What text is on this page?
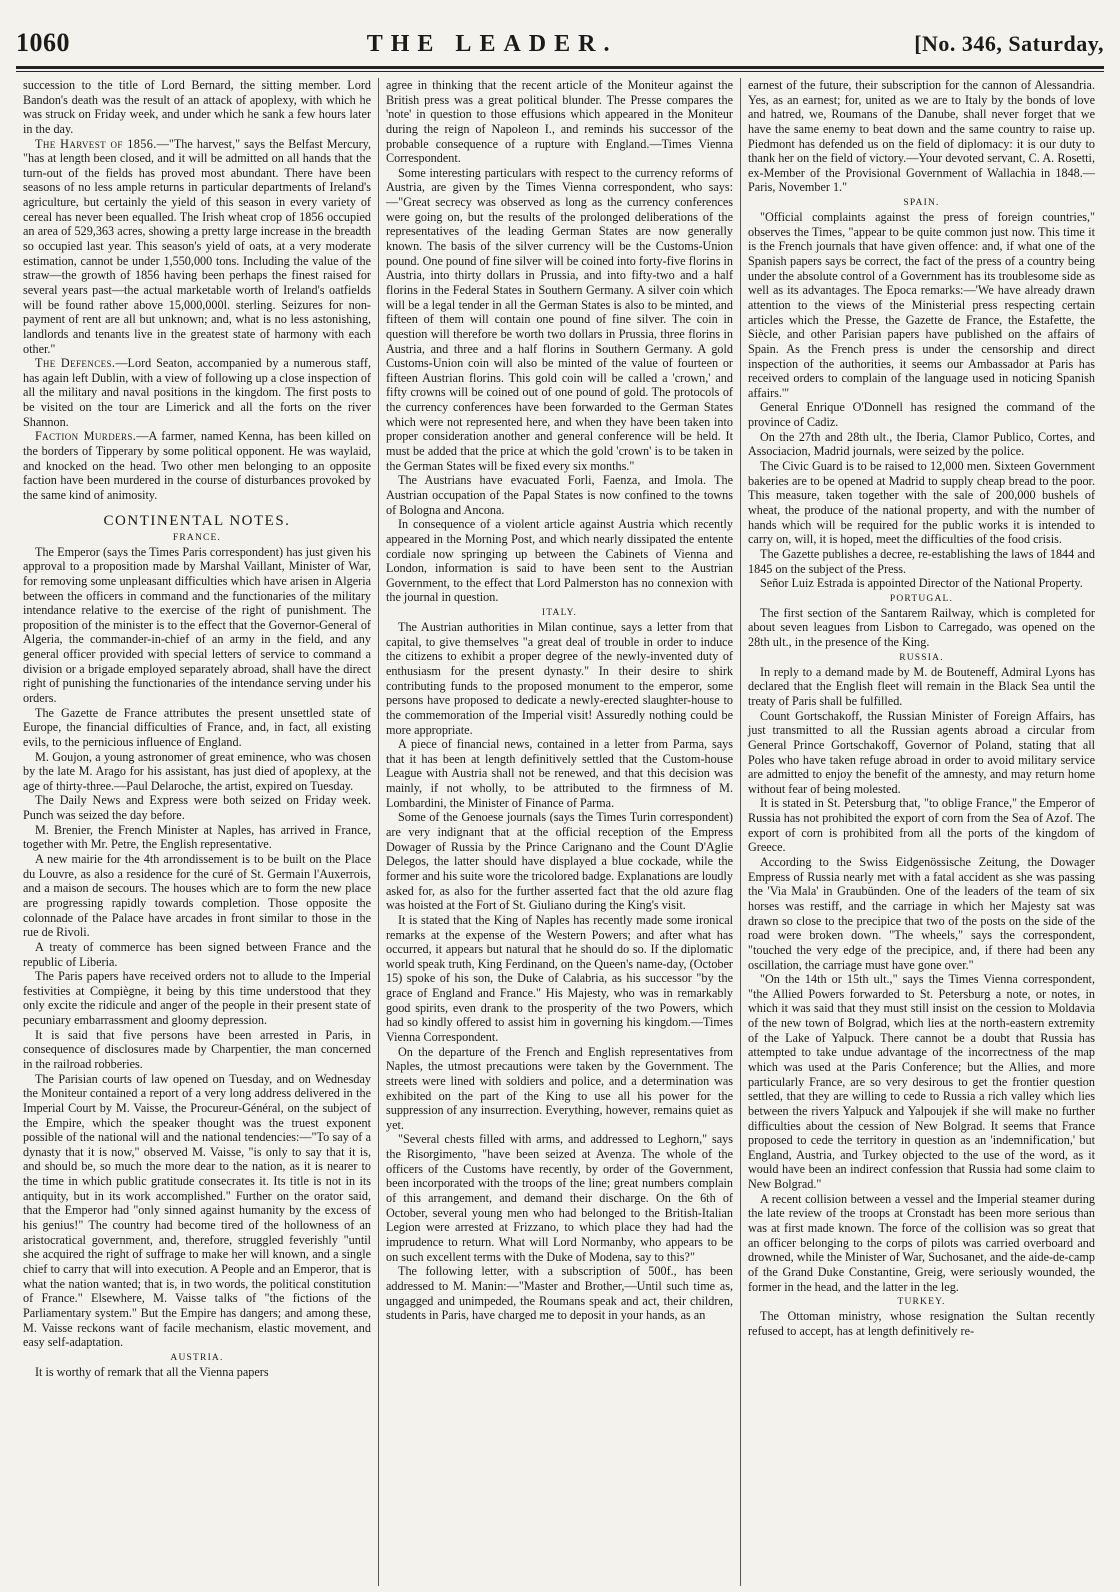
1060	THE LEADER.	[No. 346, Saturday,

succession to the title of Lord Bernard, the sitting member. Lord Bandon's death was the result of an attack of apoplexy, with which he was struck on Friday week, and under which he sank a few hours later in the day.

The Harvest of 1856.—"The harvest," says the Belfast Mercury, "has at length been closed, and it will be admitted on all hands that the turn-out of the fields has proved most abundant. There have been seasons of no less ample returns in particular departments of Ireland's agriculture, but certainly the yield of this season in every variety of cereal has never been equalled. The Irish wheat crop of 1856 occupied an area of 529,363 acres, showing a pretty large increase in the breadth so occupied last year. This season's yield of oats, at a very moderate estimation, cannot be under 1,550,000 tons. Including the value of the straw—the growth of 1856 having been perhaps the finest raised for several years past—the actual marketable worth of Ireland's oatfields will be found rather above 15,000,000l. sterling. Seizures for non-payment of rent are all but unknown; and, what is no less astonishing, landlords and tenants live in the greatest state of harmony with each other."

The Defences.—Lord Seaton, accompanied by a numerous staff, has again left Dublin, with a view of following up a close inspection of all the military and naval positions in the kingdom. The first posts to be visited on the tour are Limerick and all the forts on the river Shannon.

Faction Murders.—A farmer, named Kenna, has been killed on the borders of Tipperary by some political opponent. He was waylaid, and knocked on the head. Two other men belonging to an opposite faction have been murdered in the course of disturbances provoked by the same kind of animosity.

CONTINENTAL NOTES.
FRANCE.

The Emperor (says the Times Paris correspondent) has just given his approval to a proposition made by Marshal Vaillant, Minister of War, for removing some unpleasant difficulties which have arisen in Algeria between the officers in command and the functionaries of the military intendance relative to the exercise of the right of punishment. The proposition of the minister is to the effect that the Governor-General of Algeria, the commander-in-chief of an army in the field, and any general officer provided with special letters of service to command a division or a brigade employed separately abroad, shall have the direct right of punishing the functionaries of the intendance serving under his orders.

The Gazette de France attributes the present unsettled state of Europe, the financial difficulties of France, and, in fact, all existing evils, to the pernicious influence of England.

M. Goujon, a young astronomer of great eminence, who was chosen by the late M. Arago for his assistant, has just died of apoplexy, at the age of thirty-three.—Paul Delaroche, the artist, expired on Tuesday.

The Daily News and Express were both seized on Friday week. Punch was seized the day before.

M. Brenier, the French Minister at Naples, has arrived in France, together with Mr. Petre, the English representative.

A new mairie for the 4th arrondissement is to be built on the Place du Louvre, as also a residence for the curé of St. Germain l'Auxerrois, and a maison de secours. The houses which are to form the new place are progressing rapidly towards completion. Those opposite the colonnade of the Palace have arcades in front similar to those in the rue de Rivoli.

A treaty of commerce has been signed between France and the republic of Liberia.

The Paris papers have received orders not to allude to the Imperial festivities at Compiègne, it being by this time understood that they only excite the ridicule and anger of the people in their present state of pecuniary embarrassment and gloomy depression.

It is said that five persons have been arrested in Paris, in consequence of disclosures made by Charpentier, the man concerned in the railroad robberies.

The Parisian courts of law opened on Tuesday, and on Wednesday the Moniteur contained a report of a very long address delivered in the Imperial Court by M. Vaisse, the Procureur-Général, on the subject of the Empire, which the speaker thought was the truest exponent possible of the national will and the national tendencies:—"To say of a dynasty that it is now," observed M. Vaisse, "is only to say that it is, and should be, so much the more dear to the nation, as it is nearer to the time in which public gratitude consecrates it. Its title is not in its antiquity, but in its work accomplished." Further on the orator said, that the Emperor had "only sinned against humanity by the excess of his genius!" The country had become tired of the hollowness of an aristocratical government, and, therefore, struggled feverishly "until she acquired the right of suffrage to make her will known, and a single chief to carry that will into execution. A People and an Emperor, that is what the nation wanted; that is, in two words, the political constitution of France." Elsewhere, M. Vaisse talks of "the fictions of the Parliamentary system." But the Empire has dangers; and among these, M. Vaisse reckons want of facile mechanism, elastic movement, and easy self-adaptation.

AUSTRIA.

It is worthy of remark that all the Vienna papers

agree in thinking that the recent article of the Moniteur against the British press was a great political blunder. The Presse compares the 'note' in question to those effusions which appeared in the Moniteur during the reign of Napoleon I., and reminds his successor of the probable consequence of a rupture with England.—Times Vienna Correspondent.

Some interesting particulars with respect to the currency reforms of Austria, are given by the Times Vienna correspondent, who says:—"Great secrecy was observed as long as the currency conferences were going on, but the results of the prolonged deliberations of the representatives of the leading German States are now generally known. The basis of the silver currency will be the Customs-Union pound. One pound of fine silver will be coined into forty-five florins in Austria, into thirty dollars in Prussia, and into fifty-two and a half florins in the Federal States in Southern Germany. A silver coin which will be a legal tender in all the German States is also to be minted, and fifteen of them will contain one pound of fine silver. The coin in question will therefore be worth two dollars in Prussia, three florins in Austria, and three and a half florins in Southern Germany. A gold Customs-Union coin will also be minted of the value of fourteen or fifteen Austrian florins. This gold coin will be called a 'crown,' and fifty crowns will be coined out of one pound of gold. The protocols of the currency conferences have been forwarded to the German States which were not represented here, and when they have been taken into proper consideration another and general conference will be held. It must be added that the price at which the gold 'crown' is to be taken in the German States will be fixed every six months."

The Austrians have evacuated Forli, Faenza, and Imola. The Austrian occupation of the Papal States is now confined to the towns of Bologna and Ancona.

In consequence of a violent article against Austria which recently appeared in the Morning Post, and which nearly dissipated the entente cordiale now springing up between the Cabinets of Vienna and London, information is said to have been sent to the Austrian Government, to the effect that Lord Palmerston has no connexion with the journal in question.

ITALY.

The Austrian authorities in Milan continue, says a letter from that capital, to give themselves "a great deal of trouble in order to induce the citizens to exhibit a proper degree of the newly-invented duty of enthusiasm for the present dynasty." In their desire to shirk contributing funds to the proposed monument to the emperor, some persons have proposed to dedicate a newly-erected slaughter-house to the commemoration of the Imperial visit! Assuredly nothing could be more appropriate.

A piece of financial news, contained in a letter from Parma, says that it has been at length definitively settled that the Custom-house League with Austria shall not be renewed, and that this decision was mainly, if not wholly, to be attributed to the firmness of M. Lombardini, the Minister of Finance of Parma.

Some of the Genoese journals (says the Times Turin correspondent) are very indignant that at the official reception of the Empress Dowager of Russia by the Prince Carignano and the Count D'Aglie Delegos, the latter should have displayed a blue cockade, while the former and his suite wore the tricolored badge. Explanations are loudly asked for, as also for the further asserted fact that the old azure flag was hoisted at the Fort of St. Giuliano during the King's visit.

It is stated that the King of Naples has recently made some ironical remarks at the expense of the Western Powers; and after what has occurred, it appears but natural that he should do so. If the diplomatic world speak truth, King Ferdinand, on the Queen's name-day, (October 15) spoke of his son, the Duke of Calabria, as his successor "by the grace of England and France." His Majesty, who was in remarkably good spirits, even drank to the prosperity of the two Powers, which had so kindly offered to assist him in governing his kingdom.—Times Vienna Correspondent.

On the departure of the French and English representatives from Naples, the utmost precautions were taken by the Government. The streets were lined with soldiers and police, and a determination was exhibited on the part of the King to use all his power for the suppression of any insurrection. Everything, however, remains quiet as yet.

"Several chests filled with arms, and addressed to Leghorn," says the Risorgimento, "have been seized at Avenza. The whole of the officers of the Customs have recently, by order of the Government, been incorporated with the troops of the line; great numbers complain of this arrangement, and demand their discharge. On the 6th of October, several young men who had belonged to the British-Italian Legion were arrested at Frizzano, to which place they had had the imprudence to return. What will Lord Normanby, who appears to be on such excellent terms with the Duke of Modena, say to this?"

The following letter, with a subscription of 500f., has been addressed to M. Manin:—"Master and Brother,—Until such time as, ungagged and unimpeded, the Roumans speak and act, their children, students in Paris, have charged me to deposit in your hands, as an

earnest of the future, their subscription for the cannon of Alessandria. Yes, as an earnest; for, united as we are to Italy by the bonds of love and hatred, we, Roumans of the Danube, shall never forget that we have the same enemy to beat down and the same country to raise up. Piedmont has defended us on the field of diplomacy: it is our duty to thank her on the field of victory.—Your devoted servant, C. A. Rosetti, ex-Member of the Provisional Government of Wallachia in 1848.—Paris, November 1."

SPAIN.

"Official complaints against the press of foreign countries," observes the Times, "appear to be quite common just now. This time it is the French journals that have given offence: and, if what one of the Spanish papers says be correct, the fact of the press of a country being under the absolute control of a Government has its troublesome side as well as its advantages. The Epoca remarks:—'We have already drawn attention to the views of the Ministerial press respecting certain articles which the Presse, the Gazette de France, the Estafette, the Siècle, and other Parisian papers have published on the affairs of Spain. As the French press is under the censorship and direct inspection of the authorities, it seems our Ambassador at Paris has received orders to complain of the language used in noticing Spanish affairs.'"

General Enrique O'Donnell has resigned the command of the province of Cadiz.

On the 27th and 28th ult., the Iberia, Clamor Publico, Cortes, and Associacion, Madrid journals, were seized by the police.

The Civic Guard is to be raised to 12,000 men. Sixteen Government bakeries are to be opened at Madrid to supply cheap bread to the poor. This measure, taken together with the sale of 200,000 bushels of wheat, the produce of the national property, and with the number of hands which will be required for the public works it is intended to carry on, will, it is hoped, meet the difficulties of the food crisis.

The Gazette publishes a decree, re-establishing the laws of 1844 and 1845 on the subject of the Press.

Señor Luiz Estrada is appointed Director of the National Property.

PORTUGAL.

The first section of the Santarem Railway, which is completed for about seven leagues from Lisbon to Carregado, was opened on the 28th ult., in the presence of the King.

RUSSIA.

In reply to a demand made by M. de Bouteneff, Admiral Lyons has declared that the English fleet will remain in the Black Sea until the treaty of Paris shall be fulfilled.

Count Gortschakoff, the Russian Minister of Foreign Affairs, has just transmitted to all the Russian agents abroad a circular from General Prince Gortschakoff, Governor of Poland, stating that all Poles who have taken refuge abroad in order to avoid military service are admitted to enjoy the benefit of the amnesty, and may return home without fear of being molested.

It is stated in St. Petersburg that, "to oblige France," the Emperor of Russia has not prohibited the export of corn from the Sea of Azof. The export of corn is prohibited from all the ports of the kingdom of Greece.

According to the Swiss Eidgenössische Zeitung, the Dowager Empress of Russia nearly met with a fatal accident as she was passing the 'Via Mala' in Graubünden. One of the leaders of the team of six horses was restiff, and the carriage in which her Majesty sat was drawn so close to the precipice that two of the posts on the side of the road were broken down. "The wheels," says the correspondent, "touched the very edge of the precipice, and, if there had been any oscillation, the carriage must have gone over."

"On the 14th or 15th ult.," says the Times Vienna correspondent, "the Allied Powers forwarded to St. Petersburg a note, or notes, in which it was said that they must still insist on the cession to Moldavia of the new town of Bolgrad, which lies at the north-eastern extremity of the Lake of Yalpuck. There cannot be a doubt that Russia has attempted to take undue advantage of the incorrectness of the map which was used at the Paris Conference; but the Allies, and more particularly France, are so very desirous to get the frontier question settled, that they are willing to cede to Russia a rich valley which lies between the rivers Yalpuck and Yalpoujek if she will make no further difficulties about the cession of New Bolgrad. It seems that France proposed to cede the territory in question as an 'indemnification,' but England, Austria, and Turkey objected to the use of the word, as it would have been an indirect confession that Russia had some claim to New Bolgrad."

A recent collision between a vessel and the Imperial steamer during the late review of the troops at Cronstadt has been more serious than was at first made known. The force of the collision was so great that an officer belonging to the corps of pilots was carried overboard and drowned, while the Minister of War, Suchosanet, and the aide-de-camp of the Grand Duke Constantine, Greig, were seriously wounded, the former in the head, and the latter in the leg.

TURKEY.

The Ottoman ministry, whose resignation the Sultan recently refused to accept, has at length definitively re-
